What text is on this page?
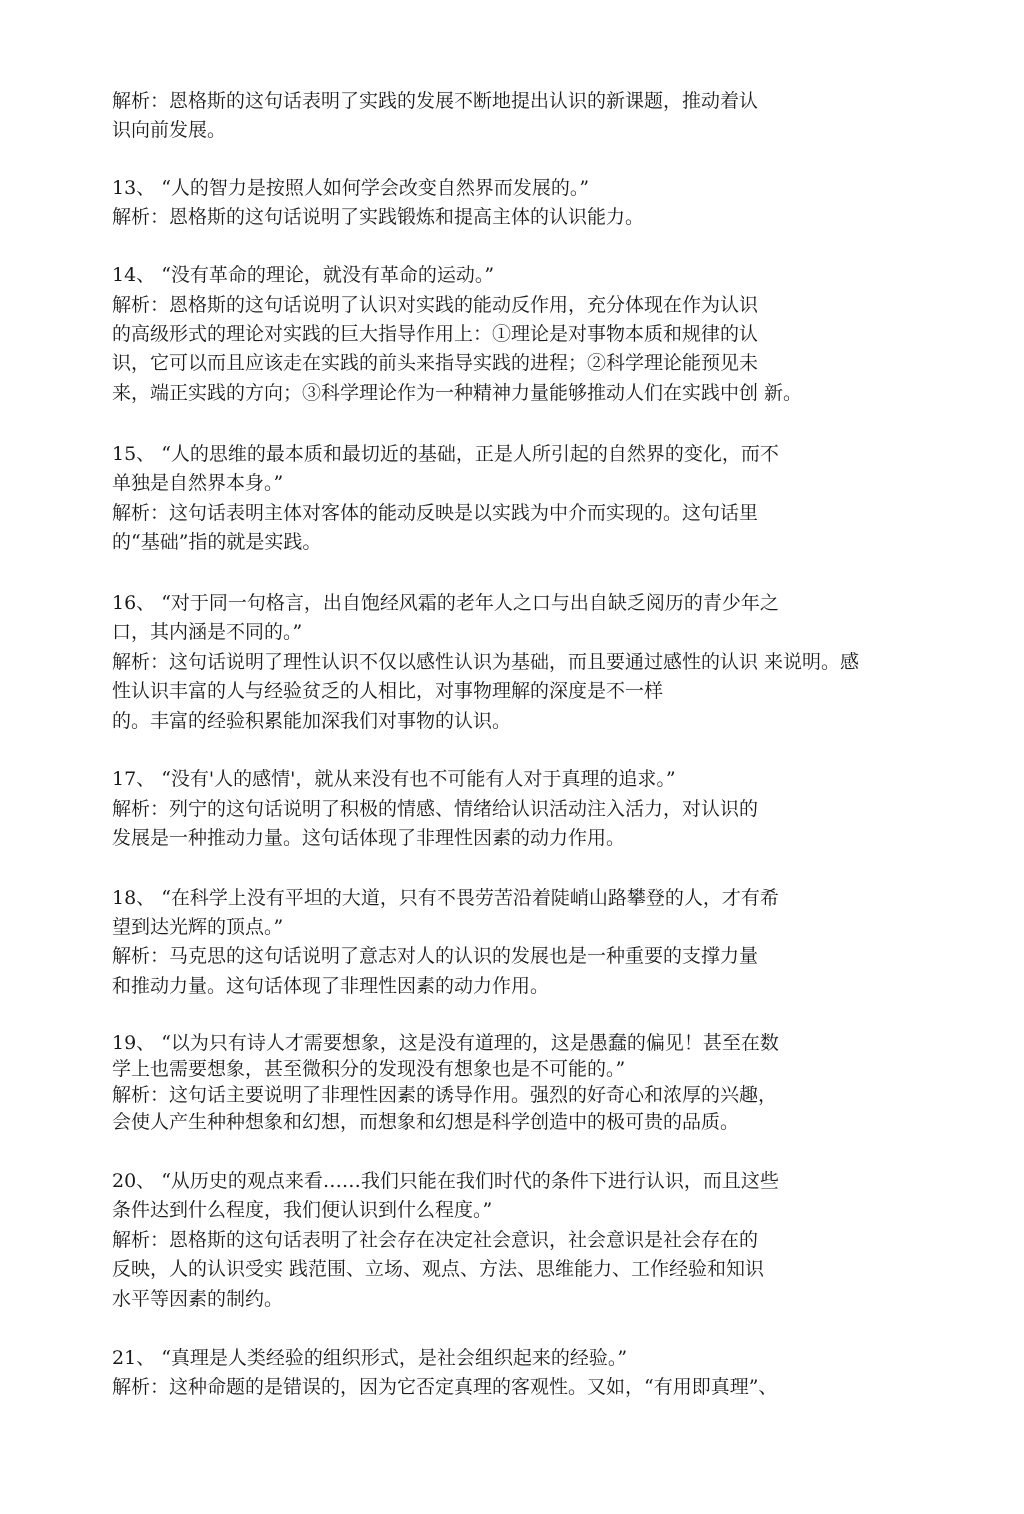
解析：恩格斯的这句话表明了实践的发展不断地提出认识的新课题，推动着认
识向前发展。
13、 “人的智力是按照人如何学会改变自然界而发展的。”
解析：恩格斯的这句话说明了实践锻炼和提高主体的认识能力。
14、 “没有革命的理论，就没有革命的运动。”
解析：恩格斯的这句话说明了认识对实践的能动反作用，充分体现在作为认识
的高级形式的理论对实践的巨大指导作用上：①理论是对事物本质和规律的认
识，它可以而且应该走在实践的前头来指导实践的进程；②科学理论能预见未
来，端正实践的方向；③科学理论作为一种精神力量能够推动人们在实践中创 新。
15、 “人的思维的最本质和最切近的基础，正是人所引起的自然界的变化，而不
单独是自然界本身。”
解析：这句话表明主体对客体的能动反映是以实践为中介而实现的。这句话里
的“基础”指的就是实践。
16、 “对于同一句格言，出自饱经风霜的老年人之口与出自缺乏阅历的青少年之
口，其内涵是不同的。”
解析：这句话说明了理性认识不仅以感性认识为基础，而且要通过感性的认识 来说明。感
性认识丰富的人与经验贫乏的人相比，对事物理解的深度是不一样
的。丰富的经验积累能加深我们对事物的认识。
17、 “没有'人的感情'，就从来没有也不可能有人对于真理的追求。”
解析：列宁的这句话说明了积极的情感、情绪给认识活动注入活力，对认识的
发展是一种推动力量。这句话体现了非理性因素的动力作用。
18、 “在科学上没有平坦的大道，只有不畏劳苦沿着陡峭山路攀登的人，才有希
望到达光辉的顶点。”
解析：马克思的这句话说明了意志对人的认识的发展也是一种重要的支撑力量
和推动力量。这句话体现了非理性因素的动力作用。
19、 “以为只有诗人才需要想象，这是没有道理的，这是愚蠢的偏见！甚至在数
学上也需要想象，甚至微积分的发现没有想象也是不可能的。”
解析：这句话主要说明了非理性因素的诱导作用。强烈的好奇心和浓厚的兴趣，
会使人产生种种想象和幻想，而想象和幻想是科学创造中的极可贵的品质。
20、 “从历史的观点来看……我们只能在我们时代的条件下进行认识，而且这些
条件达到什么程度，我们便认识到什么程度。”
解析：恩格斯的这句话表明了社会存在决定社会意识，社会意识是社会存在的
反映，人的认识受实 践范围、立场、观点、方法、思维能力、工作经验和知识
水平等因素的制约。
21、 “真理是人类经验的组织形式，是社会组织起来的经验。”
解析：这种命题的是错误的，因为它否定真理的客观性。又如，“有用即真理”、
